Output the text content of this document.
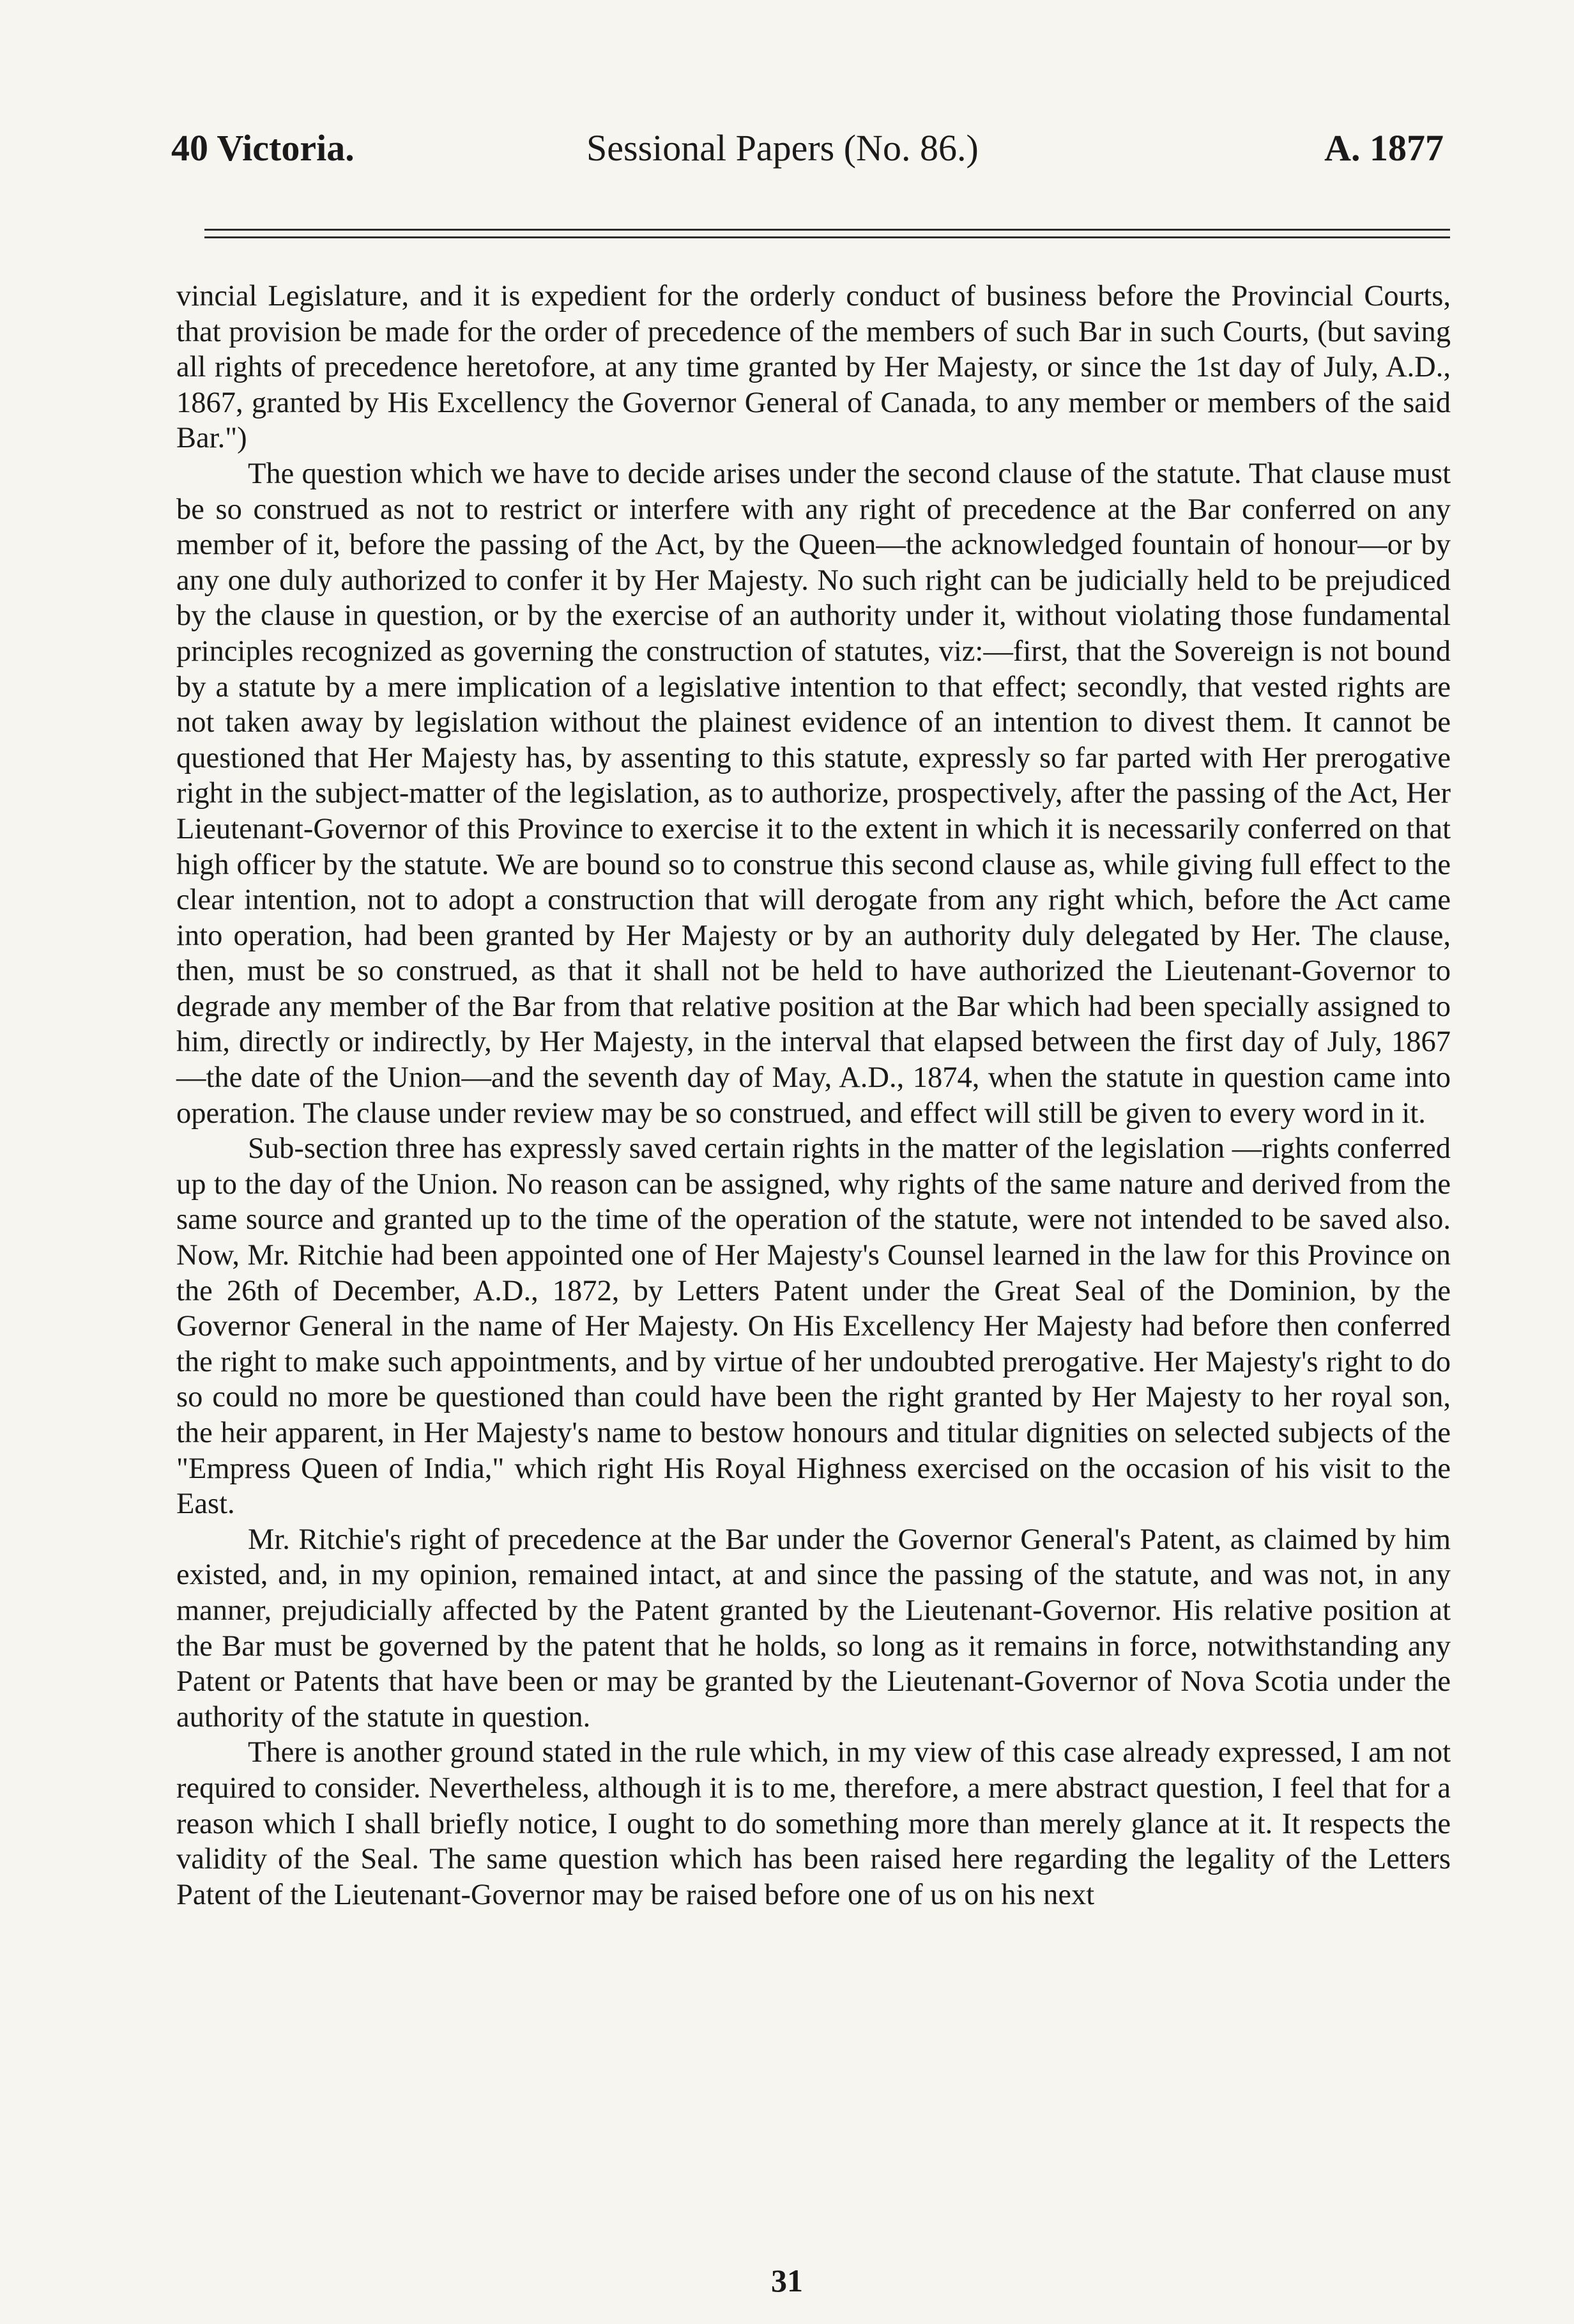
40 Victoria.	Sessional Papers (No. 86.)	A. 1877

vincial Legislature, and it is expedient for the orderly conduct of business before the Provincial Courts, that provision be made for the order of precedence of the members of such Bar in such Courts, (but saving all rights of precedence heretofore, at any time granted by Her Majesty, or since the 1st day of July, A.D., 1867, granted by His Excellency the Governor General of Canada, to any member or members of the said Bar.")

The question which we have to decide arises under the second clause of the statute. That clause must be so construed as not to restrict or interfere with any right of precedence at the Bar conferred on any member of it, before the passing of the Act, by the Queen—the acknowledged fountain of honour—or by any one duly authorized to confer it by Her Majesty. No such right can be judicially held to be prejudiced by the clause in question, or by the exercise of an authority under it, without violating those fundamental principles recognized as governing the construction of statutes, viz:—first, that the Sovereign is not bound by a statute by a mere implication of a legislative intention to that effect; secondly, that vested rights are not taken away by legislation without the plainest evidence of an intention to divest them. It cannot be questioned that Her Majesty has, by assenting to this statute, expressly so far parted with Her prerogative right in the subject-matter of the legislation, as to authorize, prospectively, after the passing of the Act, Her Lieutenant-Governor of this Province to exercise it to the extent in which it is necessarily conferred on that high officer by the statute. We are bound so to construe this second clause as, while giving full effect to the clear intention, not to adopt a construction that will derogate from any right which, before the Act came into operation, had been granted by Her Majesty or by an authority duly delegated by Her. The clause, then, must be so construed, as that it shall not be held to have authorized the Lieutenant-Governor to degrade any member of the Bar from that relative position at the Bar which had been specially assigned to him, directly or indirectly, by Her Majesty, in the interval that elapsed between the first day of July, 1867—the date of the Union—and the seventh day of May, A.D., 1874, when the statute in question came into operation. The clause under review may be so construed, and effect will still be given to every word in it.

Sub-section three has expressly saved certain rights in the matter of the legislation —rights conferred up to the day of the Union. No reason can be assigned, why rights of the same nature and derived from the same source and granted up to the time of the operation of the statute, were not intended to be saved also. Now, Mr. Ritchie had been appointed one of Her Majesty's Counsel learned in the law for this Province on the 26th of December, A.D., 1872, by Letters Patent under the Great Seal of the Dominion, by the Governor General in the name of Her Majesty. On His Excellency Her Majesty had before then conferred the right to make such appointments, and by virtue of her undoubted prerogative. Her Majesty's right to do so could no more be questioned than could have been the right granted by Her Majesty to her royal son, the heir apparent, in Her Majesty's name to bestow honours and titular dignities on selected subjects of the "Empress Queen of India," which right His Royal Highness exercised on the occasion of his visit to the East.

Mr. Ritchie's right of precedence at the Bar under the Governor General's Patent, as claimed by him existed, and, in my opinion, remained intact, at and since the passing of the statute, and was not, in any manner, prejudicially affected by the Patent granted by the Lieutenant-Governor. His relative position at the Bar must be governed by the patent that he holds, so long as it remains in force, notwithstanding any Patent or Patents that have been or may be granted by the Lieutenant-Governor of Nova Scotia under the authority of the statute in question.

There is another ground stated in the rule which, in my view of this case already expressed, I am not required to consider. Nevertheless, although it is to me, therefore, a mere abstract question, I feel that for a reason which I shall briefly notice, I ought to do something more than merely glance at it. It respects the validity of the Seal. The same question which has been raised here regarding the legality of the Letters Patent of the Lieutenant-Governor may be raised before one of us on his next

31
